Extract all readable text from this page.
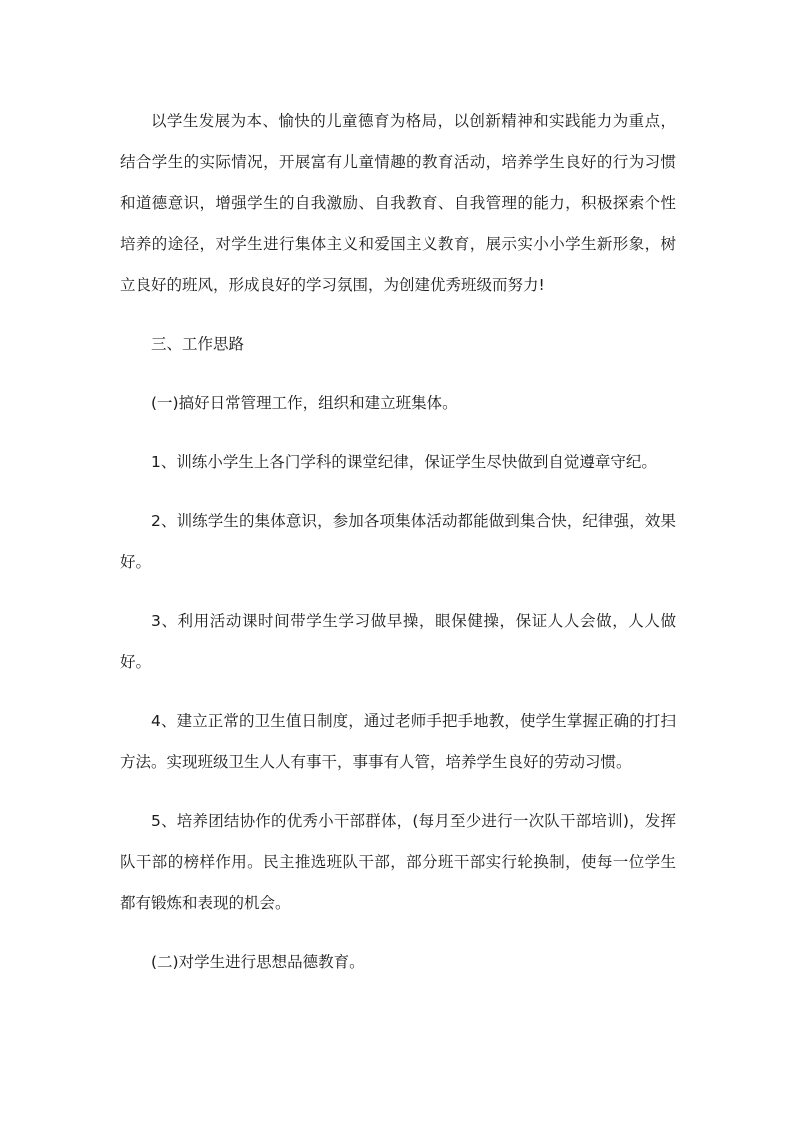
以学生发展为本、愉快的儿童德育为格局，以创新精神和实践能力为重点，结合学生的实际情况，开展富有儿童情趣的教育活动，培养学生良好的行为习惯和道德意识，增强学生的自我激励、自我教育、自我管理的能力，积极探索个性培养的途径，对学生进行集体主义和爱国主义教育，展示实小小学生新形象，树立良好的班风，形成良好的学习氛围，为创建优秀班级而努力!

三、工作思路

(一)搞好日常管理工作，组织和建立班集体。

1、训练小学生上各门学科的课堂纪律，保证学生尽快做到自觉遵章守纪。

2、训练学生的集体意识，参加各项集体活动都能做到集合快，纪律强，效果好。

3、利用活动课时间带学生学习做早操，眼保健操，保证人人会做，人人做好。

4、建立正常的卫生值日制度，通过老师手把手地教，使学生掌握正确的打扫方法。实现班级卫生人人有事干，事事有人管，培养学生良好的劳动习惯。

5、培养团结协作的优秀小干部群体，(每月至少进行一次队干部培训)，发挥队干部的榜样作用。民主推选班队干部，部分班干部实行轮换制，使每一位学生都有锻炼和表现的机会。

(二)对学生进行思想品德教育。
